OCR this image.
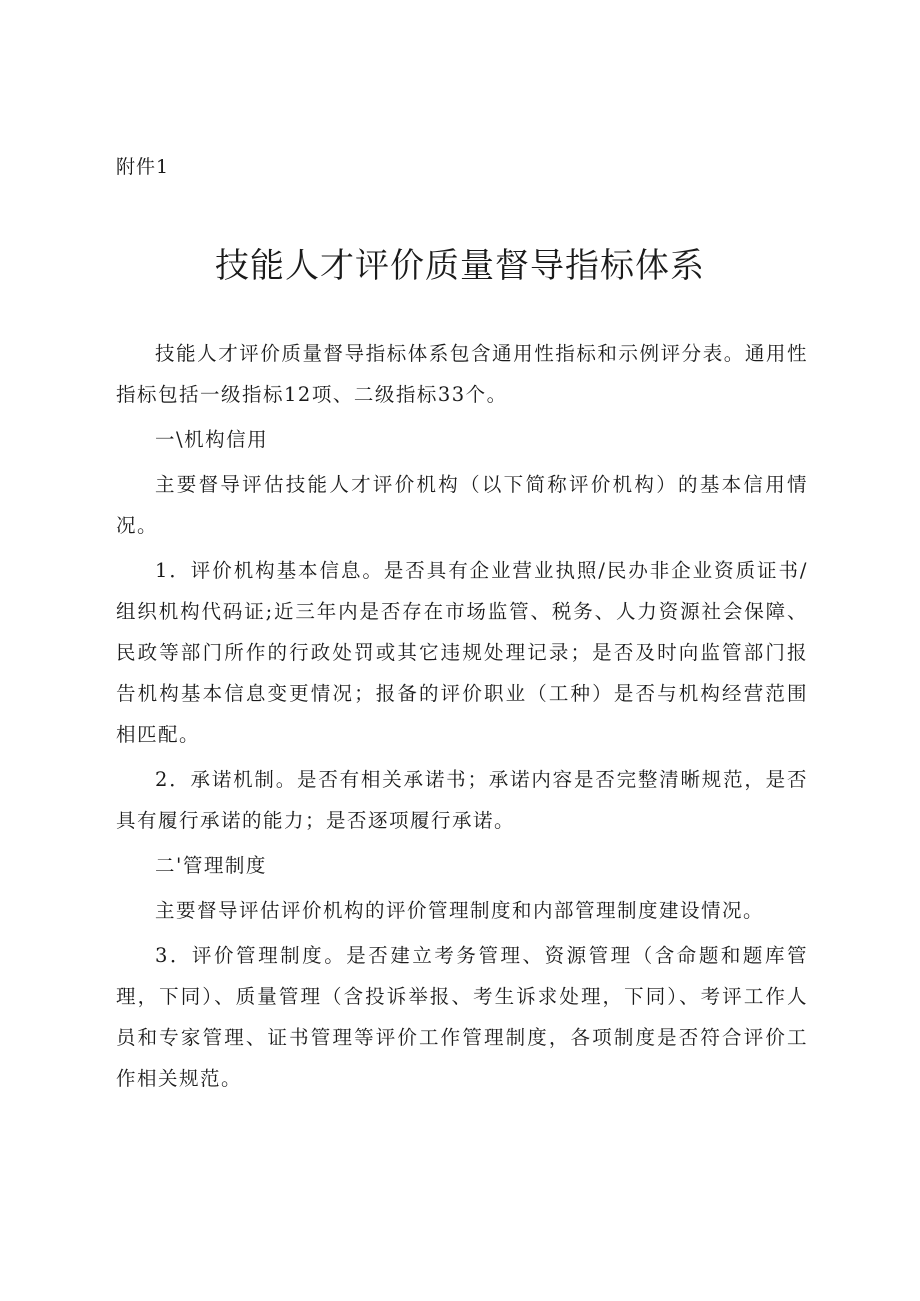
附件1
技能人才评价质量督导指标体系

技能人才评价质量督导指标体系包含通用性指标和示例评分表。通用性指标包括一级指标12项、二级指标33个。

一\机构信用

主要督导评估技能人才评价机构（以下简称评价机构）的基本信用情况。

1．评价机构基本信息。是否具有企业营业执照/民办非企业资质证书/组织机构代码证;近三年内是否存在市场监管、税务、人力资源社会保障、民政等部门所作的行政处罚或其它违规处理记录；是否及时向监管部门报告机构基本信息变更情况；报备的评价职业（工种）是否与机构经营范围相匹配。

2．承诺机制。是否有相关承诺书；承诺内容是否完整清晰规范，是否具有履行承诺的能力；是否逐项履行承诺。

二'管理制度

主要督导评估评价机构的评价管理制度和内部管理制度建设情况。

3．评价管理制度。是否建立考务管理、资源管理（含命题和题库管理，下同）、质量管理（含投诉举报、考生诉求处理，下同）、考评工作人员和专家管理、证书管理等评价工作管理制度，各项制度是否符合评价工作相关规范。
